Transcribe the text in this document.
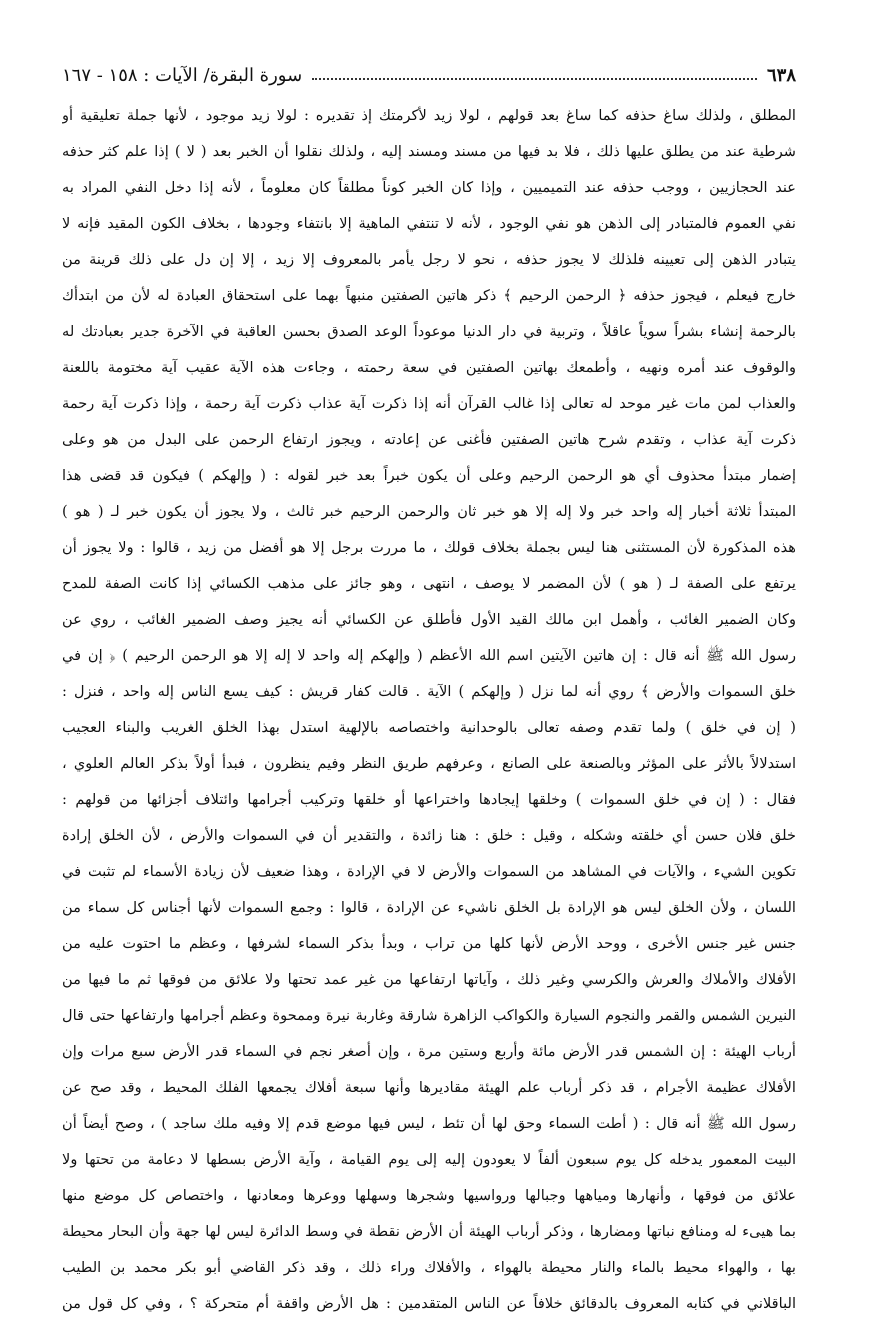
٦٣٨
سورة البقرة/ الآيات : ١٥٨ - ١٦٧
المطلق ، ولذلك ساغ حذفه كما ساغ بعد قولهم ، لولا زيد لأكرمتك إذ تقديره : لولا زيد موجود ، لأنها جملة تعليقية أو
شرطية عند من يطلق عليها ذلك ، فلا بد فيها من مسند ومسند إليه ، ولذلك نقلوا أن الخبر بعد ( لا ) إذا علم كثر حذفه
عند الحجازيين ، ووجب حذفه عند التميميين ، وإذا كان الخبر كوناً مطلقاً كان معلوماً ، لأنه إذا دخل النفي المراد به
نفي العموم فالمتبادر إلى الذهن هو نفي الوجود ، لأنه لا تنتفي الماهية إلا بانتفاء وجودها ، بخلاف الكون المقيد فإنه لا
يتبادر الذهن إلى تعيينه فلذلك لا يجوز حذفه ، نحو لا رجل يأمر بالمعروف إلا زيد ، إلا إن دل على ذلك قرينة من
خارج فيعلم ، فيجوز حذفه ﴿ الرحمن الرحيم ﴾ ذكر هاتين الصفتين منبهاً بهما على استحقاق العبادة له لأن من ابتدأك
بالرحمة إنشاء بشراً سوياً عاقلاً ، وتربية في دار الدنيا موعوداً الوعد الصدق بحسن العاقبة في الآخرة جدير بعبادتك له
والوقوف عند أمره ونهيه ، وأطمعك بهاتين الصفتين في سعة رحمته ، وجاءت هذه الآية عقيب آية مختومة باللعنة
والعذاب لمن مات غير موحد له تعالى إذا غالب القرآن أنه إذا ذكرت آية عذاب ذكرت آية رحمة ، وإذا ذكرت آية رحمة
ذكرت آية عذاب ، وتقدم شرح هاتين الصفتين فأغنى عن إعادته ، ويجوز ارتفاع الرحمن على البدل من هو وعلى
إضمار مبتدأ محذوف أي هو الرحمن الرحيم وعلى أن يكون خبراً بعد خبر لقوله : ( وإلهكم ) فيكون قد قضى هذا
المبتدأ ثلاثة أخبار إله واحد خبر ولا إله إلا هو خبر ثان والرحمن الرحيم خبر ثالث ، ولا يجوز أن يكون خبر لـ ( هو )
هذه المذكورة لأن المستثنى هنا ليس بجملة بخلاف قولك ، ما مررت برجل إلا هو أفضل من زيد ، قالوا : ولا يجوز أن
يرتفع على الصفة لـ ( هو ) لأن المضمر لا يوصف ، انتهى ، وهو جائز على مذهب الكسائي إذا كانت الصفة للمدح
وكان الضمير الغائب ، وأهمل ابن مالك القيد الأول فأطلق عن الكسائي أنه يجيز وصف الضمير الغائب ، روي عن
رسول الله ﷺ أنه قال : إن هاتين الآيتين اسم الله الأعظم ( وإلهكم إله واحد لا إله إلا هو الرحمن الرحيم ) ﴿ إن في
خلق السموات والأرض ﴾ روي أنه لما نزل ( وإلهكم ) الآية . قالت كفار قريش : كيف يسع الناس إله واحد ، فنزل :
( إن في خلق ) ولما تقدم وصفه تعالى بالوحدانية واختصاصه بالإلهية استدل بهذا الخلق الغريب والبناء العجيب
استدلالاً بالأثر على المؤثر وبالصنعة على الصانع ، وعرفهم طريق النظر وفيم ينظرون ، فبدأ أولاً بذكر العالم العلوي ،
فقال : ( إن في خلق السموات ) وخلقها إيجادها واختراعها أو خلقها وتركيب أجرامها وائتلاف أجزائها من قولهم :
خلق فلان حسن أي خلقته وشكله ، وقيل : خلق : هنا زائدة ، والتقدير أن في السموات والأرض ، لأن الخلق إرادة
تكوين الشيء ، والآيات في المشاهد من السموات والأرض لا في الإرادة ، وهذا ضعيف لأن زيادة الأسماء لم تثبت في
اللسان ، ولأن الخلق ليس هو الإرادة بل الخلق ناشيء عن الإرادة ، قالوا : وجمع السموات لأنها أجناس كل سماء من
جنس غير جنس الأخرى ، ووحد الأرض لأنها كلها من تراب ، وبدأ بذكر السماء لشرفها ، وعظم ما احتوت عليه من
الأفلاك والأملاك والعرش والكرسي وغير ذلك ، وآياتها ارتفاعها من غير عمد تحتها ولا علائق من فوقها ثم ما فيها من
النيرين الشمس والقمر والنجوم السيارة والكواكب الزاهرة شارقة وغاربة نيرة وممحوة وعظم أجرامها وارتفاعها حتى قال
أرباب الهيئة : إن الشمس قدر الأرض مائة وأربع وستين مرة ، وإن أصغر نجم في السماء قدر الأرض سبع مرات وإن
الأفلاك عظيمة الأجرام ، قد ذكر أرباب علم الهيئة مقاديرها وأنها سبعة أفلاك يجمعها الفلك المحيط ، وقد صح عن
رسول الله ﷺ أنه قال : ( أطت السماء وحق لها أن تئط ، ليس فيها موضع قدم إلا وفيه ملك ساجد ) ، وصح أيضاً أن
البيت المعمور يدخله كل يوم سبعون ألفاً لا يعودون إليه إلى يوم القيامة ، وآية الأرض بسطها لا دعامة من تحتها ولا
علائق من فوقها ، وأنهارها ومياهها وجبالها ورواسيها وشجرها وسهلها ووعرها ومعادنها ، واختصاص كل موضع منها
بما هيىء له ومنافع نباتها ومضارها ، وذكر أرباب الهيئة أن الأرض نقطة في وسط الدائرة ليس لها جهة وأن البحار محيطة
بها ، والهواء محيط بالماء والنار محيطة بالهواء ، والأفلاك وراء ذلك ، وقد ذكر القاضي أبو بكر محمد بن الطيب
الباقلاني في كتابه المعروف بالدقائق خلافاً عن الناس المتقدمين : هل الأرض واقفة أم متحركة ؟ ، وفي كل قول من
